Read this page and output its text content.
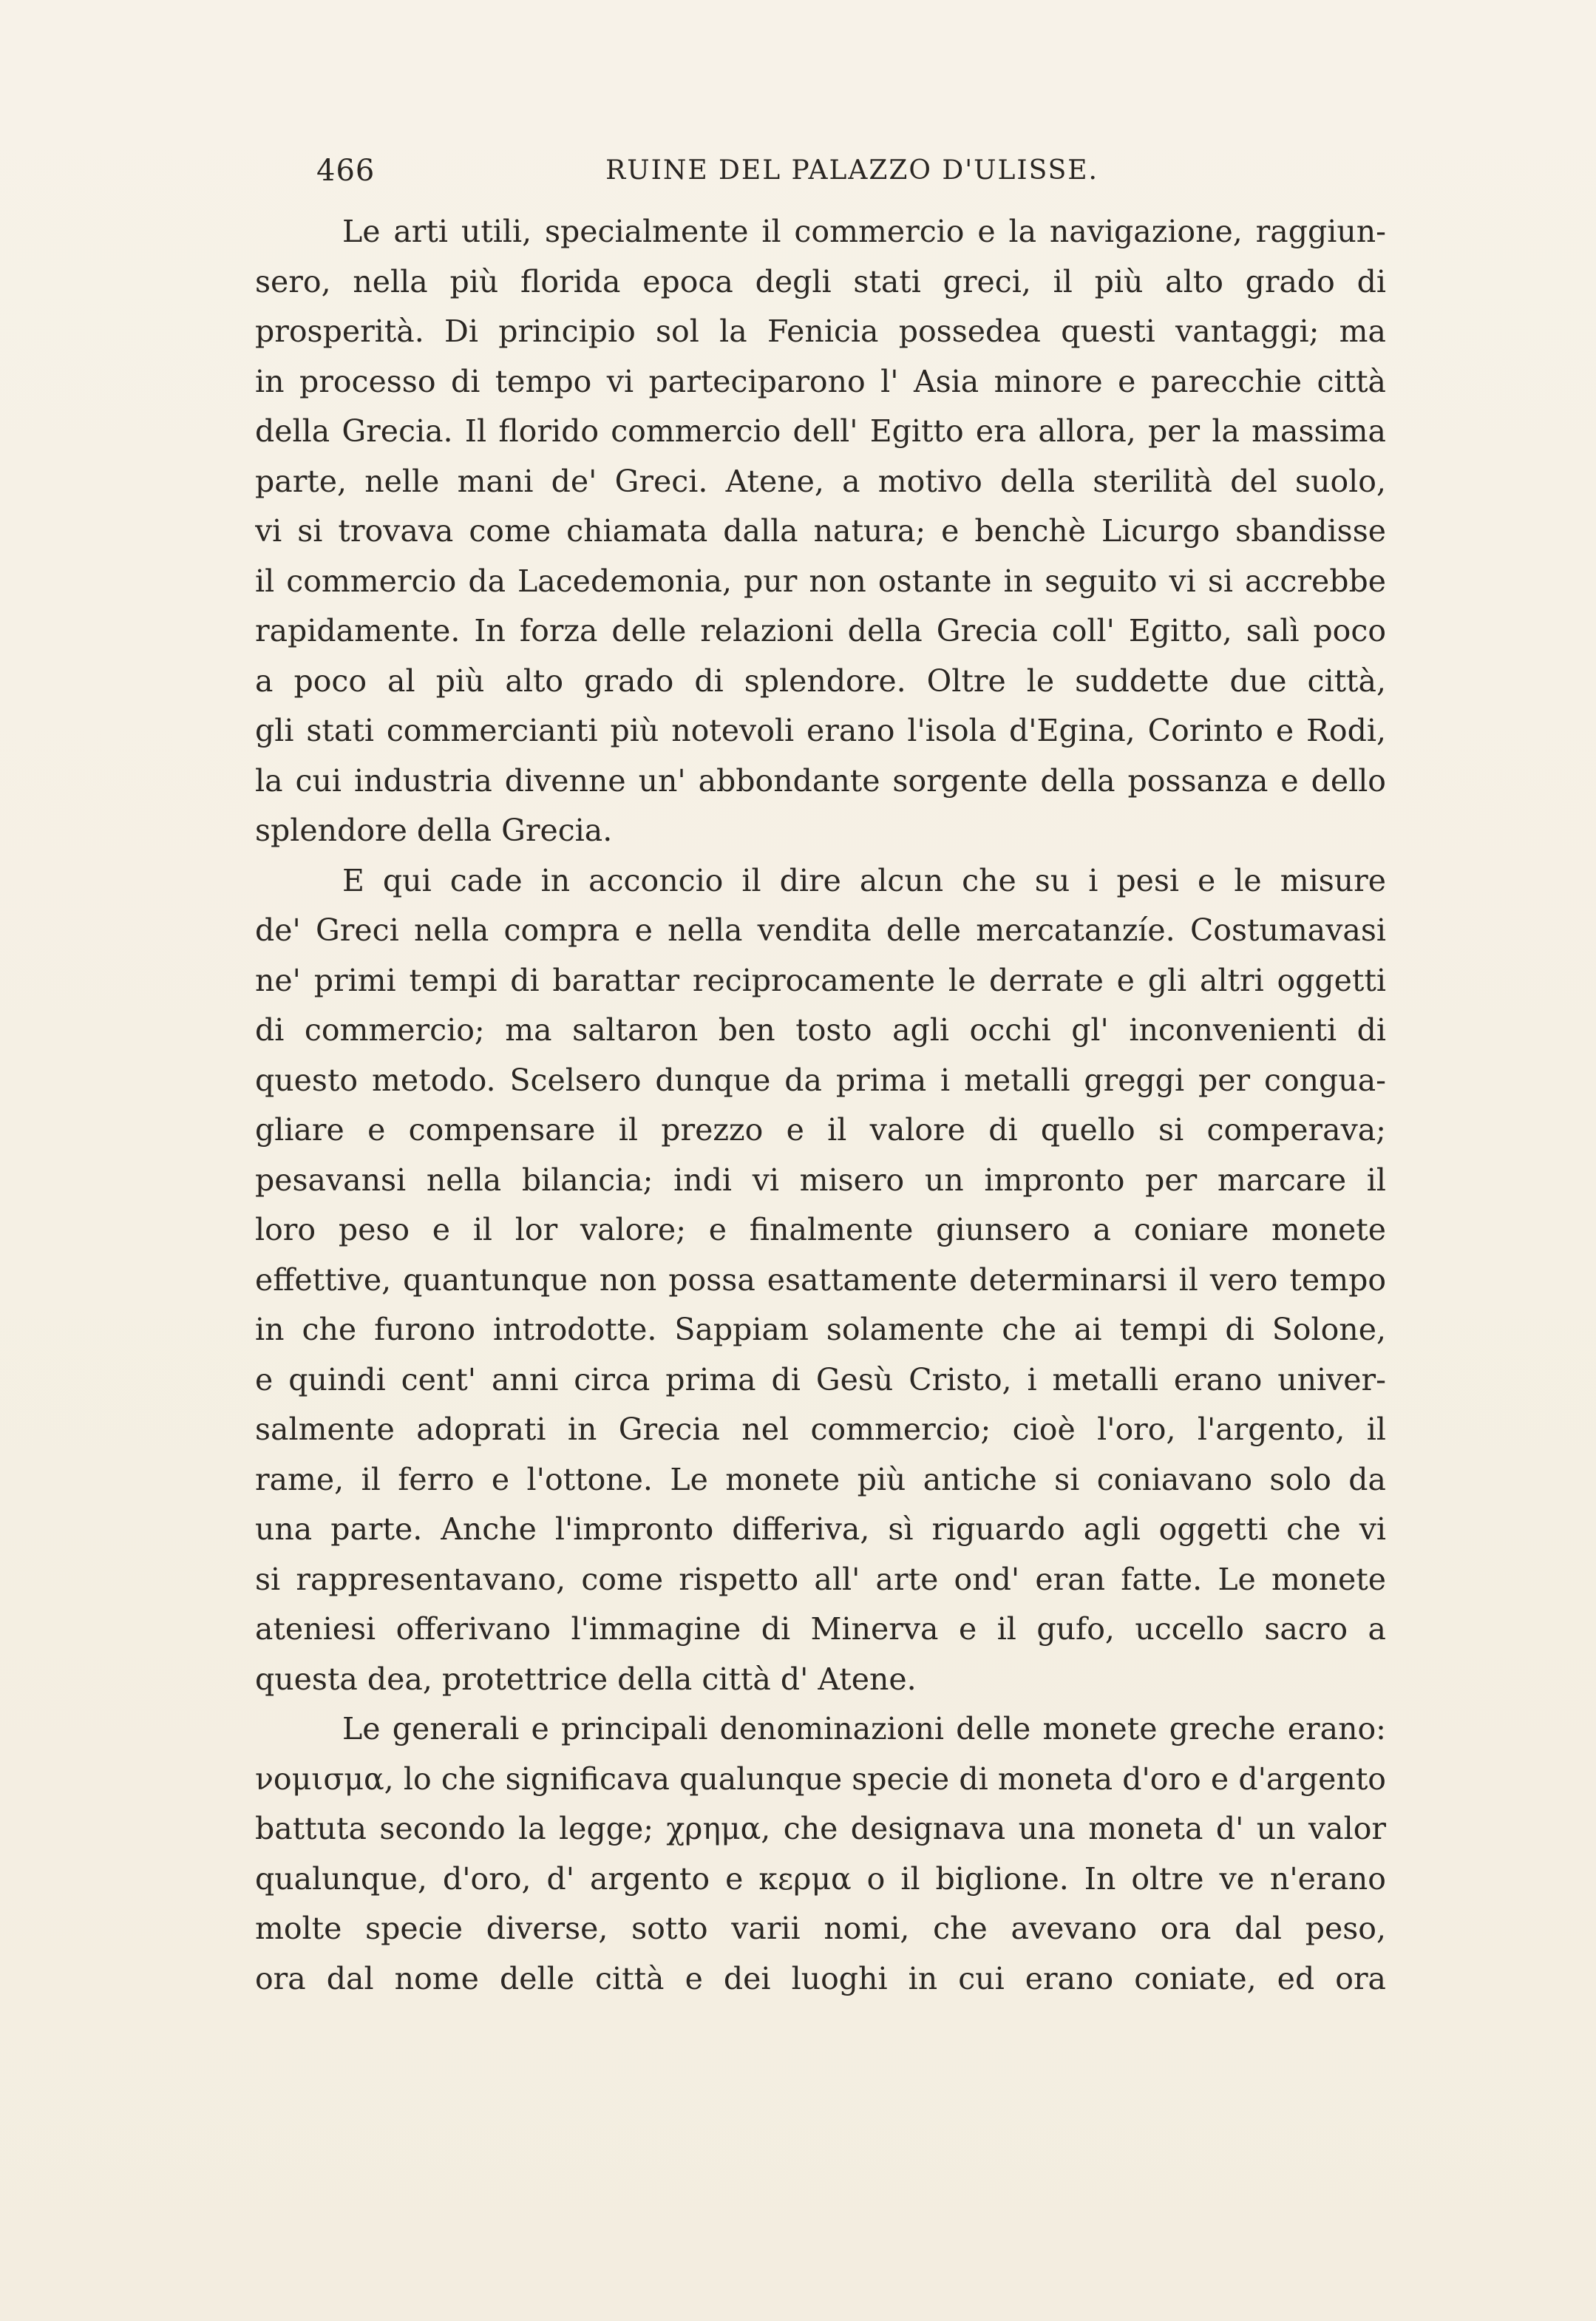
466	RUINE DEL PALAZZO D'ULISSE.
Le arti utili, specialmente il commercio e la navigazione, raggiun-
sero, nella più florida epoca degli stati greci, il più alto grado di
prosperità. Di principio sol la Fenicia possedea questi vantaggi; ma
in processo di tempo vi parteciparono l' Asia minore e parecchie città
della Grecia. Il florido commercio dell' Egitto era allora, per la massima
parte, nelle mani de' Greci. Atene, a motivo della sterilità del suolo,
vi si trovava come chiamata dalla natura; e benchè Licurgo sbandisse
il commercio da Lacedemonia, pur non ostante in seguito vi si accrebbe
rapidamente. In forza delle relazioni della Grecia coll' Egitto, salì poco
a poco al più alto grado di splendore. Oltre le suddette due città,
gli stati commercianti più notevoli erano l'isola d'Egina, Corinto e Rodi,
la cui industria divenne un' abbondante sorgente della possanza e dello
splendore della Grecia.
E qui cade in acconcio il dire alcun che su i pesi e le misure
de' Greci nella compra e nella vendita delle mercatanzíe. Costumavasi
ne' primi tempi di barattar reciprocamente le derrate e gli altri oggetti
di commercio; ma saltaron ben tosto agli occhi gl' inconvenienti di
questo metodo. Scelsero dunque da prima i metalli greggi per congua-
gliare e compensare il prezzo e il valore di quello si comperava;
pesavansi nella bilancia; indi vi misero un impronto per marcare il
loro peso e il lor valore; e finalmente giunsero a coniare monete
effettive, quantunque non possa esattamente determinarsi il vero tempo
in che furono introdotte. Sappiam solamente che ai tempi di Solone,
e quindi cent' anni circa prima di Gesù Cristo, i metalli erano univer-
salmente adoprati in Grecia nel commercio; cioè l'oro, l'argento, il
rame, il ferro e l'ottone. Le monete più antiche si coniavano solo da
una parte. Anche l'impronto differiva, sì riguardo agli oggetti che vi
si rappresentavano, come rispetto all' arte ond' eran fatte. Le monete
ateniesi offerivano l'immagine di Minerva e il gufo, uccello sacro a
questa dea, protettrice della città d' Atene.
Le generali e principali denominazioni delle monete greche erano:
νομισμα, lo che significava qualunque specie di moneta d'oro e d'argento
battuta secondo la legge; χρημα, che designava una moneta d' un valor
qualunque, d'oro, d' argento e κερμα o il biglione. In oltre ve n'erano
molte specie diverse, sotto varii nomi, che avevano ora dal peso,
ora dal nome delle città e dei luoghi in cui erano coniate, ed ora
